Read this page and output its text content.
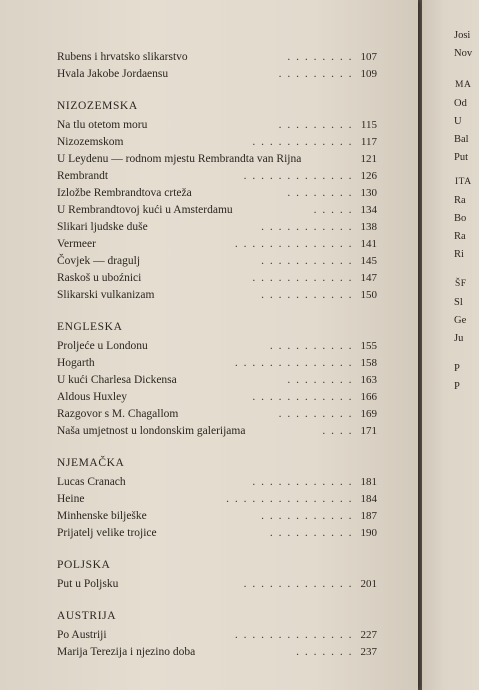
Rubens i hrvatsko slikarstvo	. . . . . . . . 107
Hvala Jakobe Jordaensu	. . . . . . . . . 109
NIZOZEMSKA
Na tlu otetom moru	. . . . . . . . . 115
Nizozemskom	. . . . . . . . . . . . 117
U Leydenu — rodnom mjestu Rembrandta van Rijna	121
Rembrandt	. . . . . . . . . . . . . 126
Izložbe Rembrandtova crteža	. . . . . . . . 130
U Rembrandtovoj kući u Amsterdamu	. . . . . 134
Slikari ljudske duše	. . . . . . . . . . . 138
Vermeer	. . . . . . . . . . . . . . 141
Čovjek — dragulj	. . . . . . . . . . . 145
Raskoš u uboźnici	. . . . . . . . . . . . 147
Slikarski vulkanizam	. . . . . . . . . . . 150
ENGLESKA
Proljeće u Londonu	. . . . . . . . . . 155
Hogarth	. . . . . . . . . . . . . . 158
U kući Charlesa Dickensa	. . . . . . . . 163
Aldous Huxley	. . . . . . . . . . . . 166
Razgovor s M. Chagallom	. . . . . . . . . 169
Naša umjetnost u londonskim galerijama	. . . . 171
NJEMAČKA
Lucas Cranach	. . . . . . . . . . . . 181
Heine	. . . . . . . . . . . . . . . 184
Minhenske bilješke	. . . . . . . . . . . 187
Prijatelj velike trojice	. . . . . . . . . . 190
POLJSKA
Put u Poljsku	. . . . . . . . . . . . . 201
AUSTRIJA
Po Austriji	. . . . . . . . . . . . . . 227
Marija Terezija i njezino doba	. . . . . . . 237
Josi
Nov
MA
Od
U
Bal
Put
ITA
Ra
Bo
Ra
Ri
ŠF
Sl
Ge
Ju
P
P
